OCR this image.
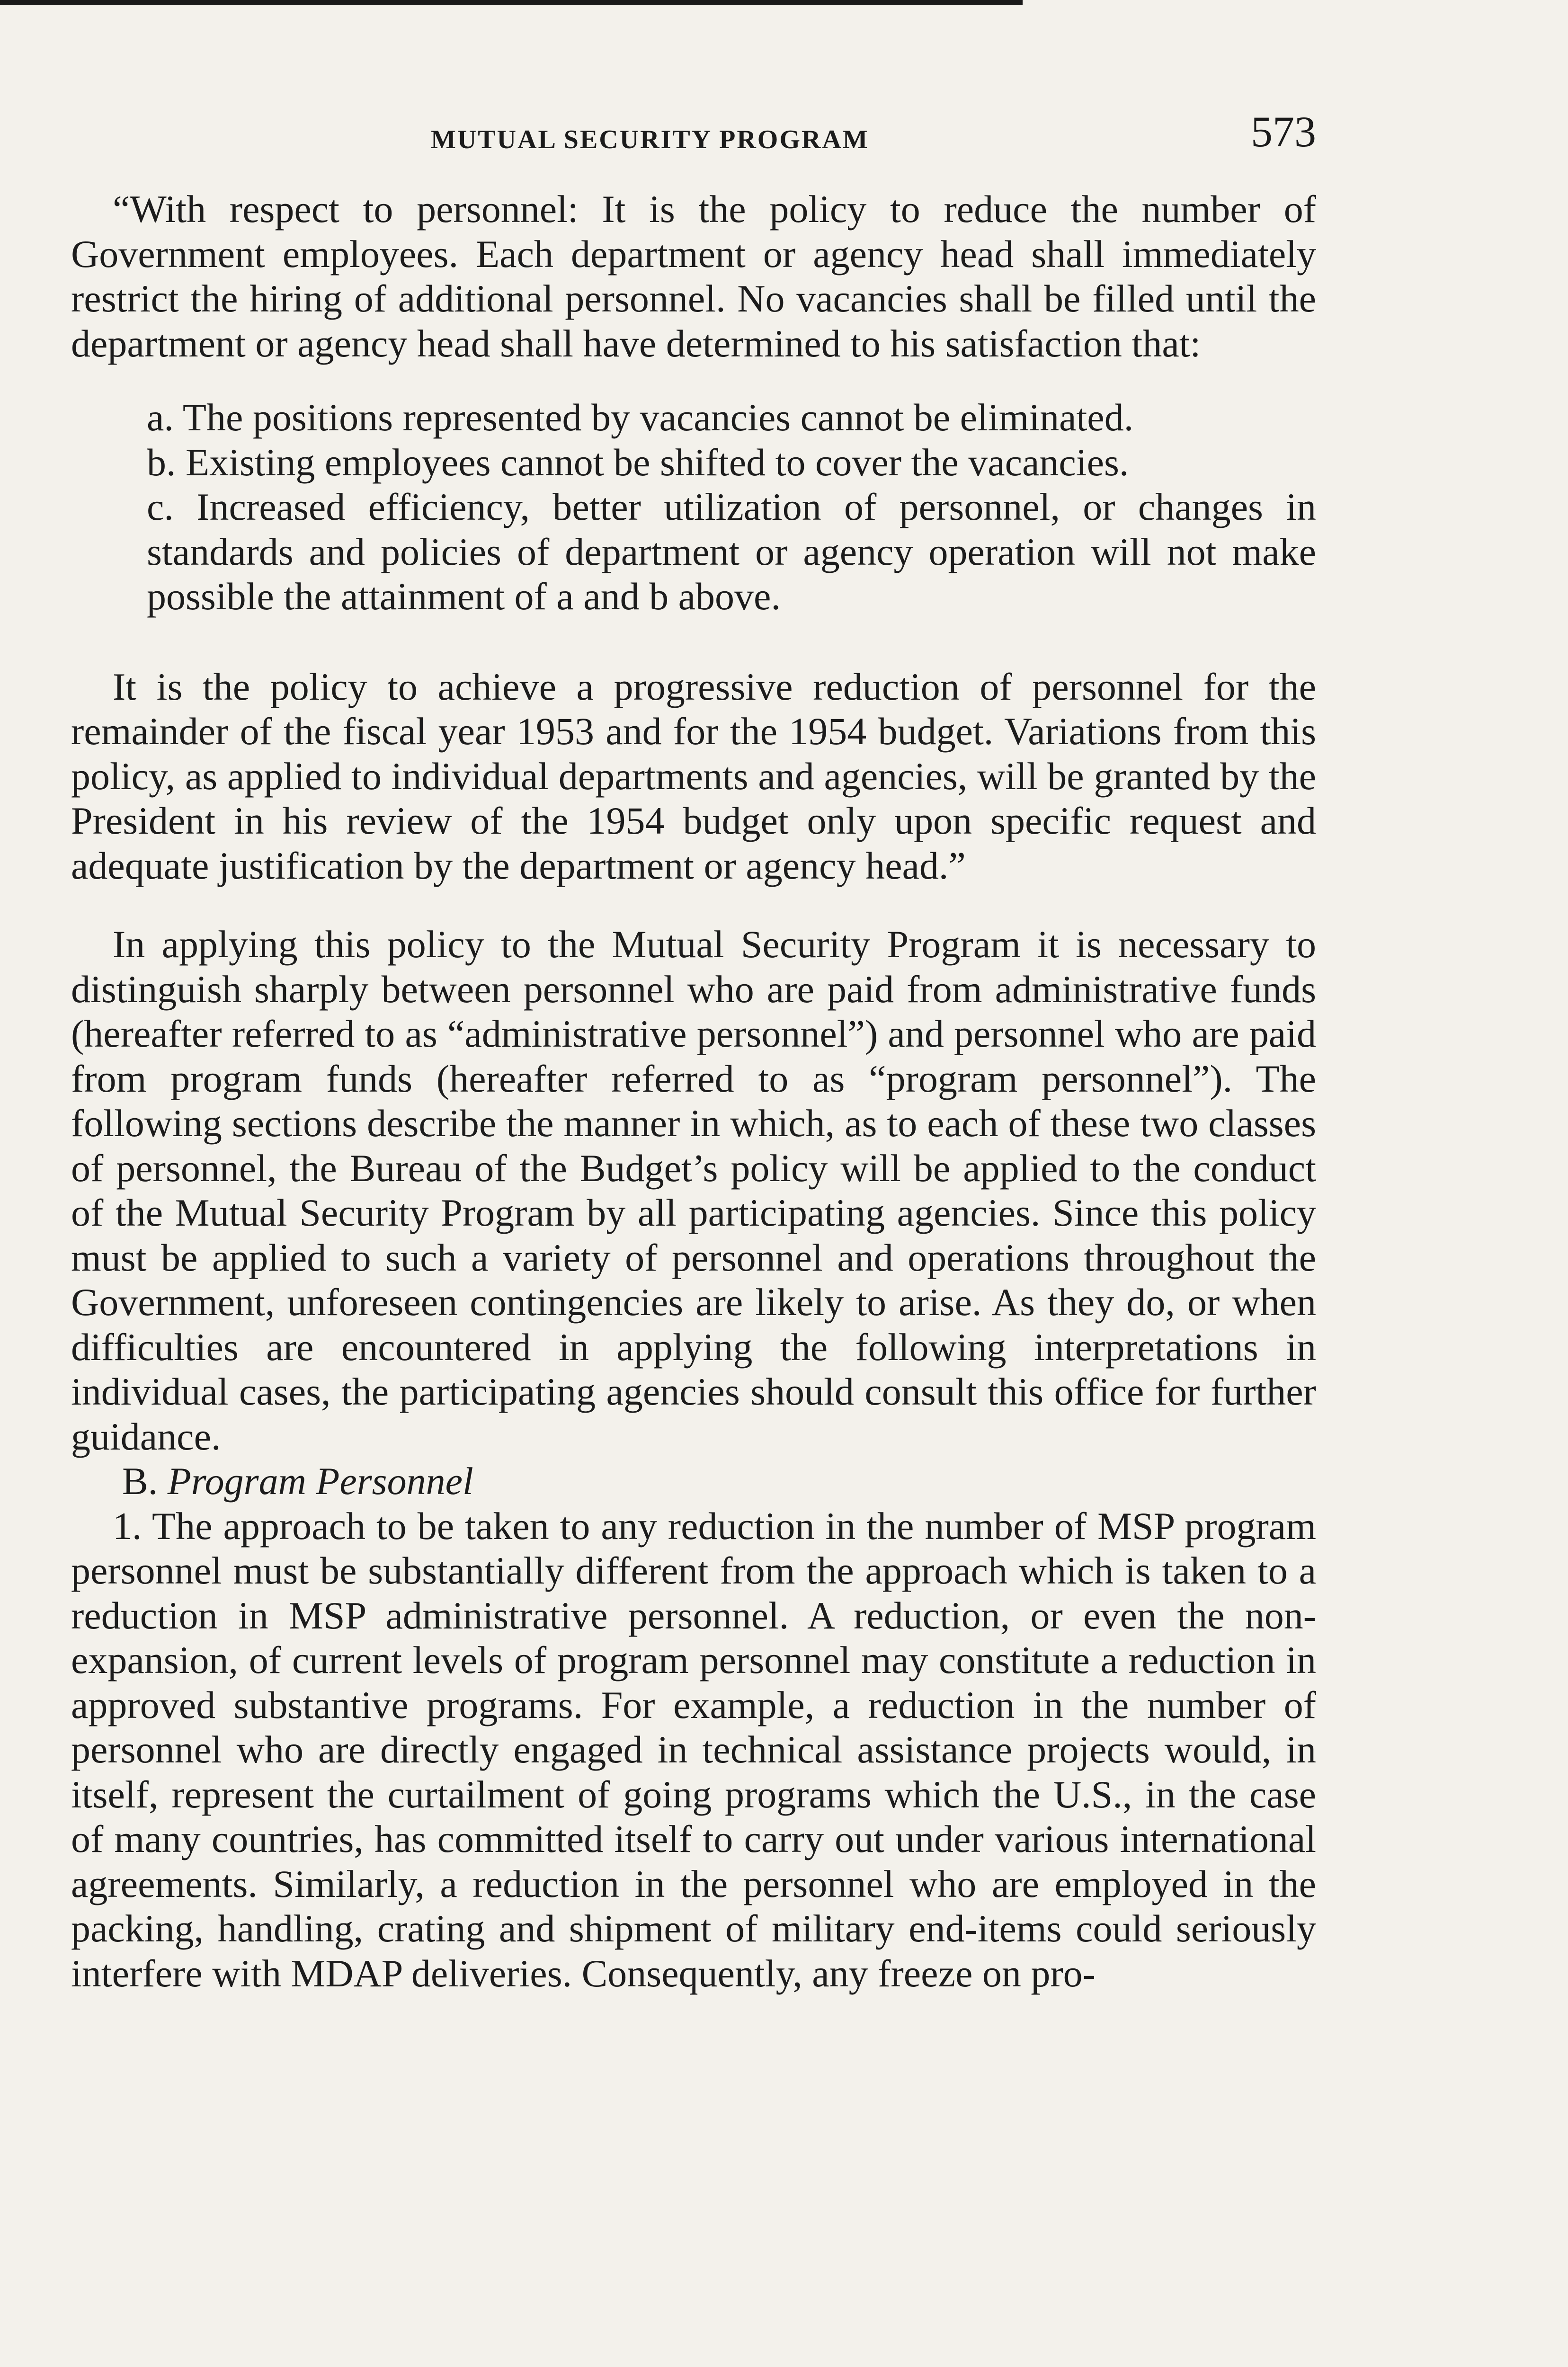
MUTUAL SECURITY PROGRAM	573

“With respect to personnel: It is the policy to reduce the number of Government employees. Each department or agency head shall immediately restrict the hiring of additional personnel. No vacancies shall be filled until the department or agency head shall have determined to his satisfaction that:

a. The positions represented by vacancies cannot be eliminated.

b. Existing employees cannot be shifted to cover the vacancies.

c. Increased efficiency, better utilization of personnel, or changes in standards and policies of department or agency operation will not make possible the attainment of a and b above.

It is the policy to achieve a progressive reduction of personnel for the remainder of the fiscal year 1953 and for the 1954 budget. Variations from this policy, as applied to individual departments and agencies, will be granted by the President in his review of the 1954 budget only upon specific request and adequate justification by the department or agency head.”

In applying this policy to the Mutual Security Program it is necessary to distinguish sharply between personnel who are paid from administrative funds (hereafter referred to as “administrative personnel”) and personnel who are paid from program funds (hereafter referred to as “program personnel”). The following sections describe the manner in which, as to each of these two classes of personnel, the Bureau of the Budget’s policy will be applied to the conduct of the Mutual Security Program by all participating agencies. Since this policy must be applied to such a variety of personnel and operations throughout the Government, unforeseen contingencies are likely to arise. As they do, or when difficulties are encountered in applying the following interpretations in individual cases, the participating agencies should consult this office for further guidance.

B. Program Personnel

1. The approach to be taken to any reduction in the number of MSP program personnel must be substantially different from the approach which is taken to a reduction in MSP administrative personnel. A reduction, or even the non-expansion, of current levels of program personnel may constitute a reduction in approved substantive programs. For example, a reduction in the number of personnel who are directly engaged in technical assistance projects would, in itself, represent the curtailment of going programs which the U.S., in the case of many countries, has committed itself to carry out under various international agreements. Similarly, a reduction in the personnel who are employed in the packing, handling, crating and shipment of military end-items could seriously interfere with MDAP deliveries. Consequently, any freeze on pro-
